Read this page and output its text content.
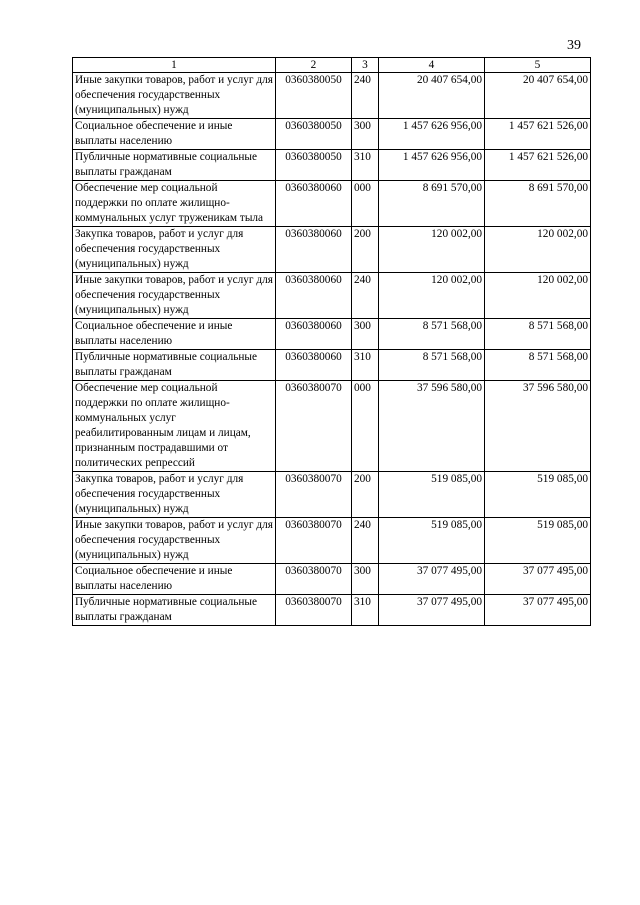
39
1	2	3	4	5
Иные закупки товаров, работ и услуг для обеспечения государственных (муниципальных) нужд	0360380050	240	20 407 654,00	20 407 654,00
Социальное обеспечение и иные выплаты населению	0360380050	300	1 457 626 956,00	1 457 621 526,00
Публичные нормативные социальные выплаты гражданам	0360380050	310	1 457 626 956,00	1 457 621 526,00
Обеспечение мер социальной поддержки по оплате жилищно-коммунальных услуг труженикам тыла	0360380060	000	8 691 570,00	8 691 570,00
Закупка товаров, работ и услуг для обеспечения государственных (муниципальных) нужд	0360380060	200	120 002,00	120 002,00
Иные закупки товаров, работ и услуг для обеспечения государственных (муниципальных) нужд	0360380060	240	120 002,00	120 002,00
Социальное обеспечение и иные выплаты населению	0360380060	300	8 571 568,00	8 571 568,00
Публичные нормативные социальные выплаты гражданам	0360380060	310	8 571 568,00	8 571 568,00
Обеспечение мер социальной поддержки по оплате жилищно-коммунальных услуг реабилитированным лицам и лицам, признанным пострадавшими от политических репрессий	0360380070	000	37 596 580,00	37 596 580,00
Закупка товаров, работ и услуг для обеспечения государственных (муниципальных) нужд	0360380070	200	519 085,00	519 085,00
Иные закупки товаров, работ и услуг для обеспечения государственных (муниципальных) нужд	0360380070	240	519 085,00	519 085,00
Социальное обеспечение и иные выплаты населению	0360380070	300	37 077 495,00	37 077 495,00
Публичные нормативные социальные выплаты гражданам	0360380070	310	37 077 495,00	37 077 495,00
